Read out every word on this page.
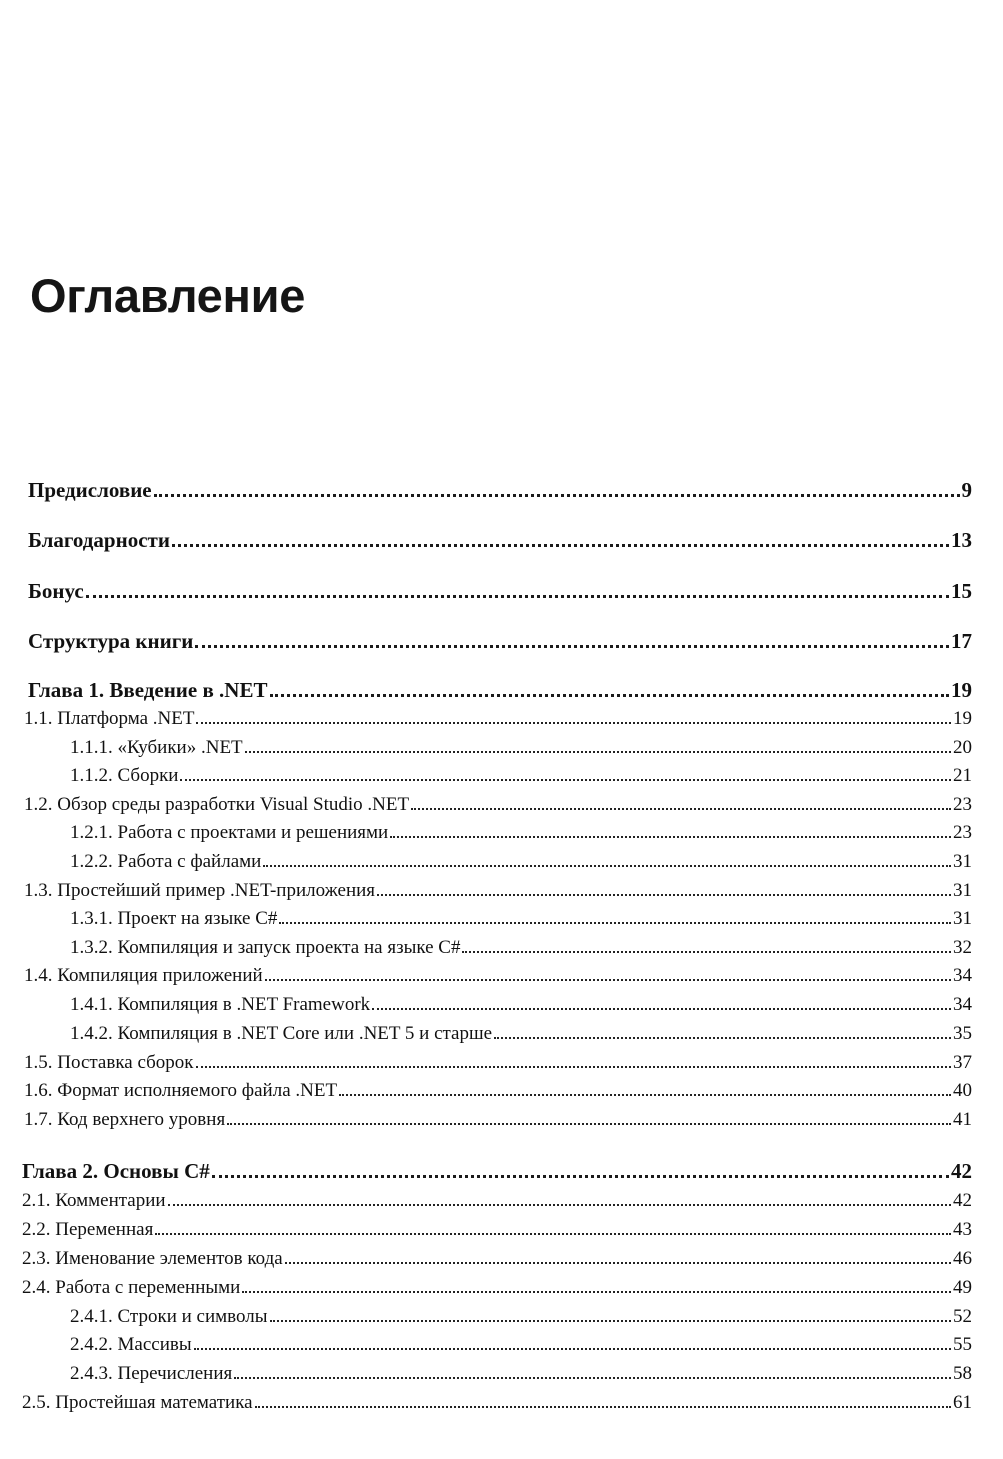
Оглавление
Предисловие	9
Благодарности	13
Бонус	15
Структура книги	17
Глава 1. Введение в .NET	19
1.1. Платформа .NET	19
1.1.1. «Кубики» .NET	20
1.1.2. Сборки	21
1.2. Обзор среды разработки Visual Studio .NET	23
1.2.1. Работа с проектами и решениями	23
1.2.2. Работа с файлами	31
1.3. Простейший пример .NET-приложения	31
1.3.1. Проект на языке C#	31
1.3.2. Компиляция и запуск проекта на языке C#	32
1.4. Компиляция приложений	34
1.4.1. Компиляция в .NET Framework	34
1.4.2. Компиляция в .NET Core или .NET 5 и старше	35
1.5. Поставка сборок	37
1.6. Формат исполняемого файла .NET	40
1.7. Код верхнего уровня	41
Глава 2. Основы C#	42
2.1. Комментарии	42
2.2. Переменная	43
2.3. Именование элементов кода	46
2.4. Работа с переменными	49
2.4.1. Строки и символы	52
2.4.2. Массивы	55
2.4.3. Перечисления	58
2.5. Простейшая математика	61
